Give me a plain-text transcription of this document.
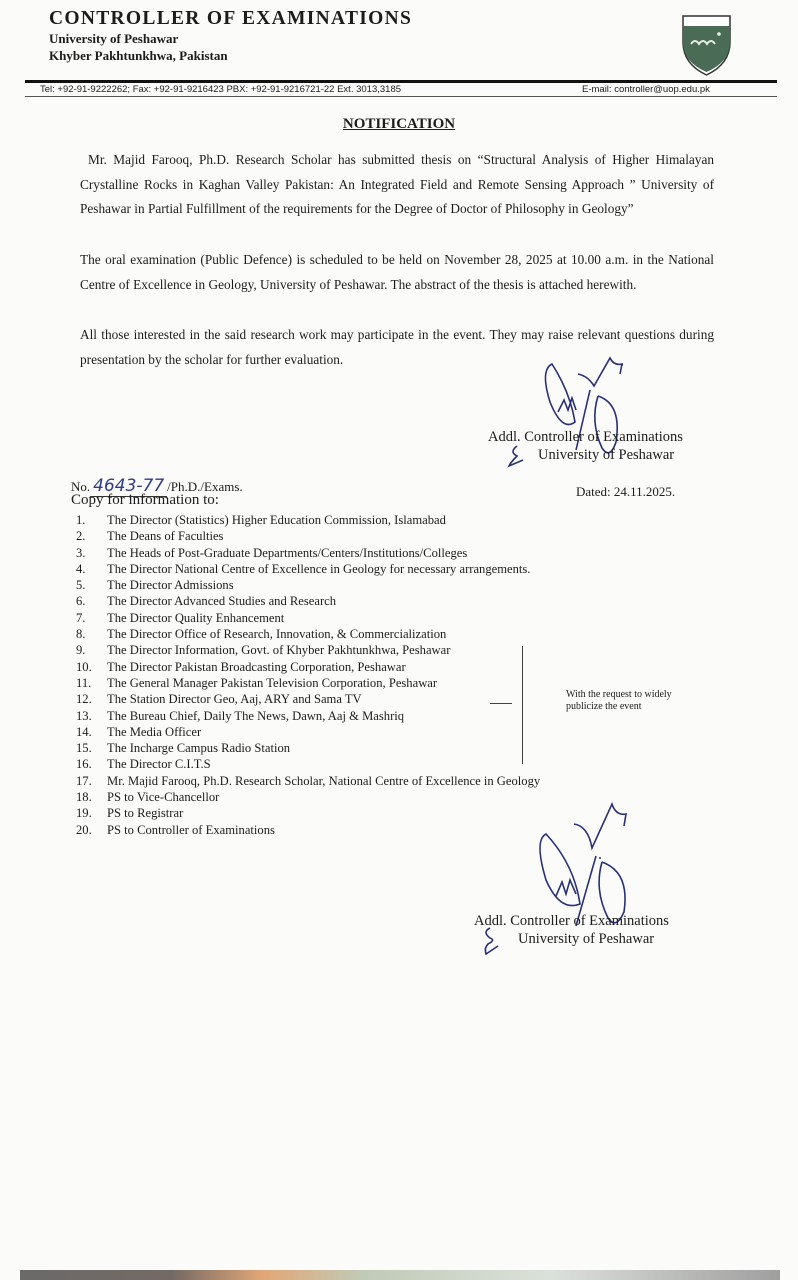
CONTROLLER OF EXAMINATIONS
University of Peshawar
Khyber Pakhtunkhwa, Pakistan
Tel: +92-91-9222262; Fax: +92-91-9216423 PBX: +92-91-9216721-22 Ext. 3013,3185	E-mail: controller@uop.edu.pk
NOTIFICATION
Mr. Majid Farooq, Ph.D. Research Scholar has submitted thesis on “Structural Analysis of Higher Himalayan Crystalline Rocks in Kaghan Valley Pakistan: An Integrated Field and Remote Sensing Approach ” University of Peshawar in Partial Fulfillment of the requirements for the Degree of Doctor of Philosophy in Geology”
The oral examination (Public Defence) is scheduled to be held on November 28, 2025 at 10.00 a.m. in the National Centre of Excellence in Geology, University of Peshawar. The abstract of the thesis is attached herewith.
All those interested in the said research work may participate in the event. They may raise relevant questions during presentation by the scholar for further evaluation.
Addl. Controller of Examinations
University of Peshawar
No. 4643-77 /Ph.D./Exams.	Dated: 24.11.2025.
Copy for information to:
1.	The Director (Statistics) Higher Education Commission, Islamabad
2.	The Deans of Faculties
3.	The Heads of Post-Graduate Departments/Centers/Institutions/Colleges
4.	The Director National Centre of Excellence in Geology for necessary arrangements.
5.	The Director Admissions
6.	The Director Advanced Studies and Research
7.	The Director Quality Enhancement
8.	The Director Office of Research, Innovation, & Commercialization
9.	The Director Information, Govt. of Khyber Pakhtunkhwa, Peshawar
10.	The Director Pakistan Broadcasting Corporation, Peshawar
11.	The General Manager Pakistan Television Corporation, Peshawar
12.	The Station Director Geo, Aaj, ARY and Sama TV
13.	The Bureau Chief, Daily The News, Dawn, Aaj & Mashriq
14.	The Media Officer
15.	The Incharge Campus Radio Station
16.	The Director C.I.T.S
17.	Mr. Majid Farooq, Ph.D. Research Scholar, National Centre of Excellence in Geology
18.	PS to Vice-Chancellor
19.	PS to Registrar
20.	PS to Controller of Examinations
With the request to widely
publicize the event
Addl. Controller of Examinations
University of Peshawar
